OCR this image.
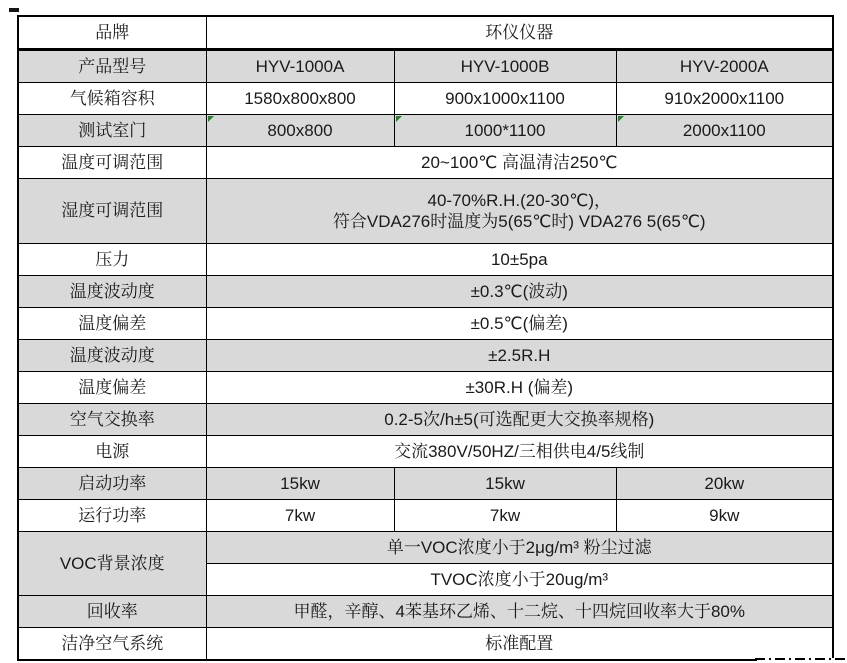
品牌	环仪仪器		
产品型号	HYV-1000A	HYV-1000B	HYV-2000A
气候箱容积	1580x800x800	900x1000x1100	910x2000x1100
测试室门	800x800	1000*1100	2000x1100
温度可调范围	20~100℃ 高温清洁250℃		
湿度可调范围	40-70%R.H.(20-30℃)，
符合VDA276时温度为5(65℃时) VDA276 5(65℃)		

压力	10±5pa		
温度波动度	±0.3℃(波动)		
温度偏差	±0.5℃(偏差)		
温度波动度	±2.5R.H		
温度偏差	±30R.H (偏差)		
空气交换率	0.2-5次/h±5(可选配更大交换率规格)		
电源	交流380V/50HZ/三相供电4/5线制		
启动功率	15kw	15kw	20kw
运行功率	7kw	7kw	9kw
VOC背景浓度	单一VOC浓度小于2μg/m³ 粉尘过滤		
	TVOC浓度小于20ug/m³		
回收率	甲醛，辛醇、4苯基环乙烯、十二烷、十四烷回收率大于80%		
洁净空气系统	标准配置		
